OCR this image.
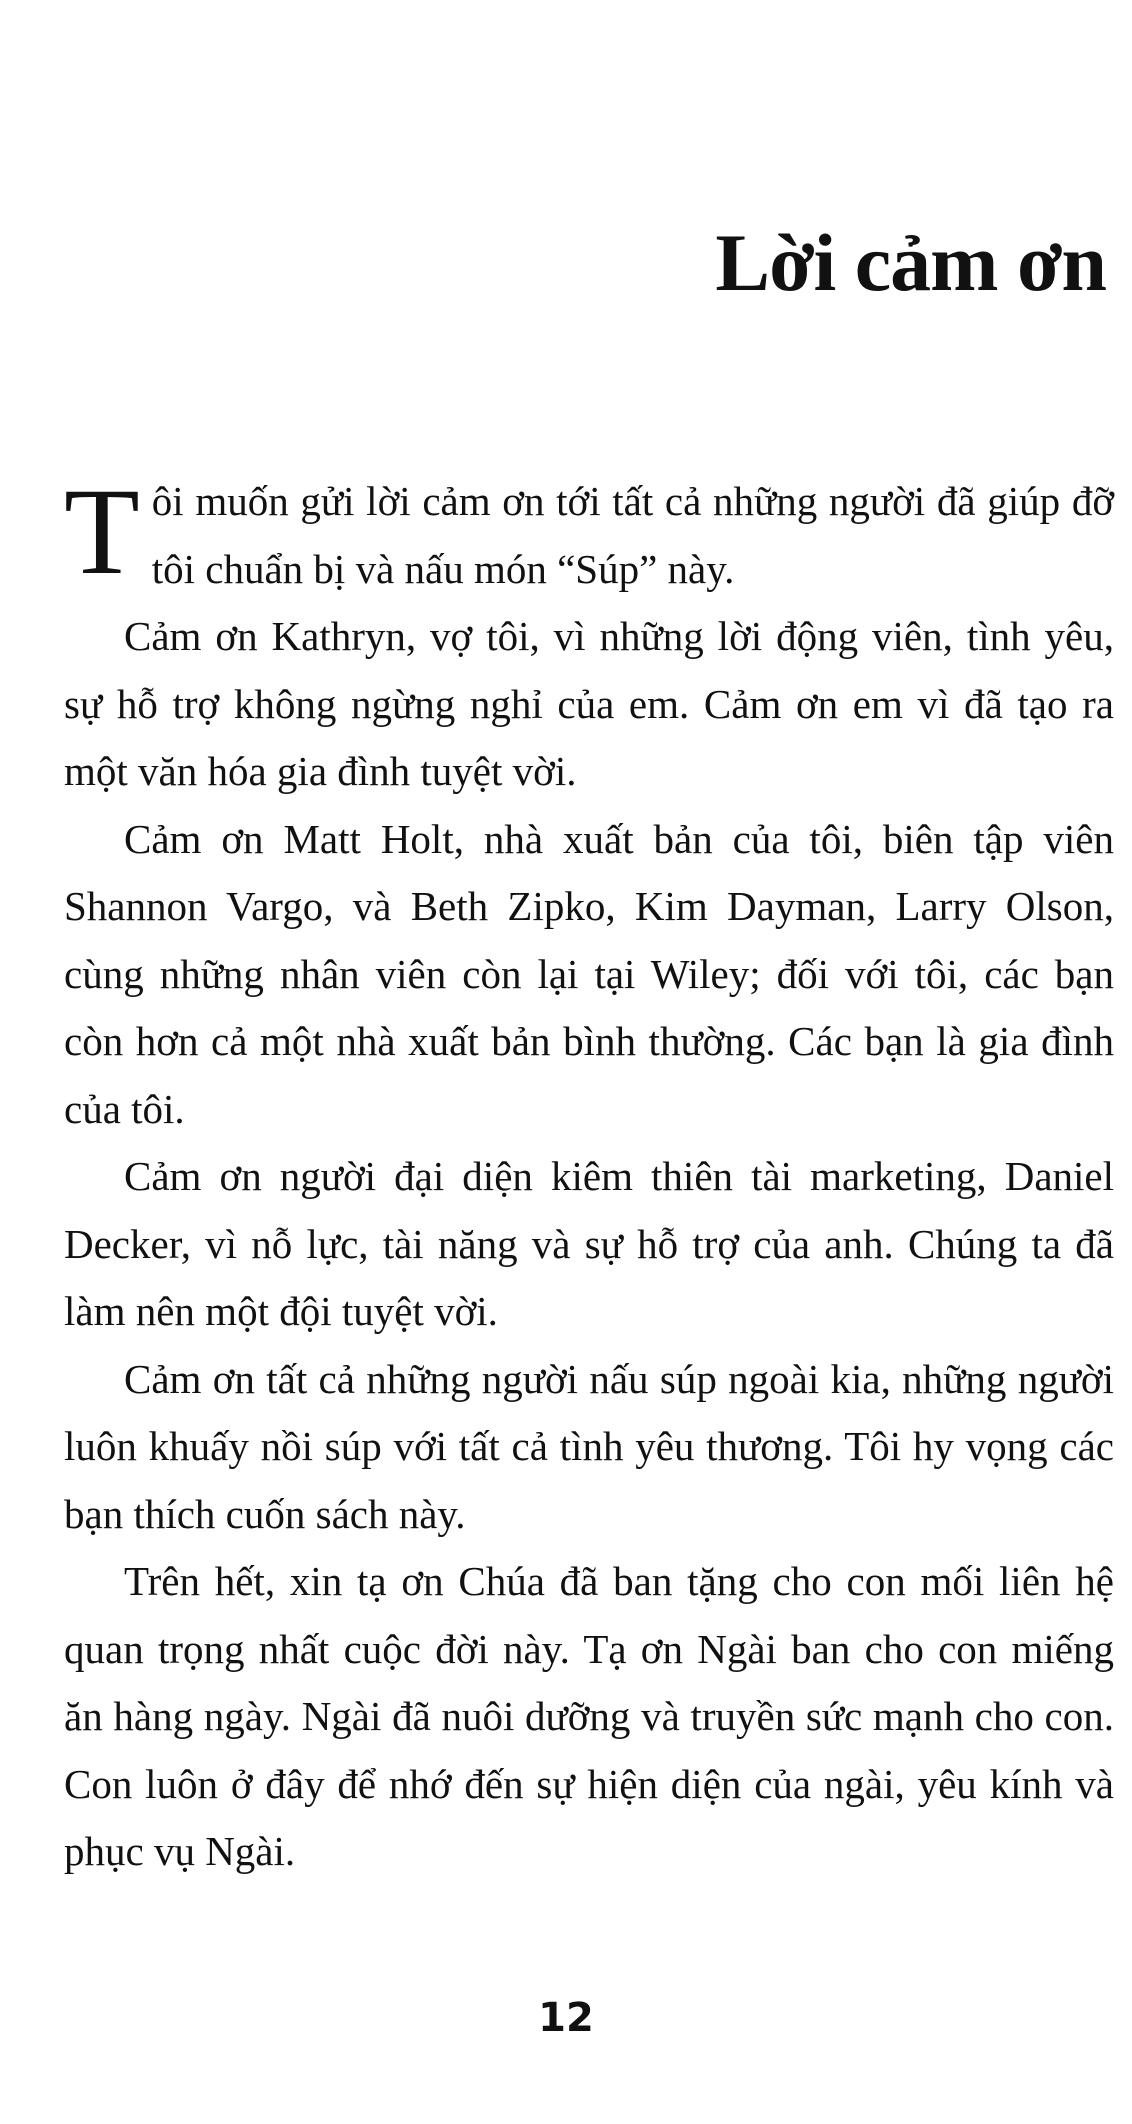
Lời cảm ơn

Tôi muốn gửi lời cảm ơn tới tất cả những người đã giúp đỡ tôi chuẩn bị và nấu món “Súp” này.

Cảm ơn Kathryn, vợ tôi, vì những lời động viên, tình yêu, sự hỗ trợ không ngừng nghỉ của em. Cảm ơn em vì đã tạo ra một văn hóa gia đình tuyệt vời.

Cảm ơn Matt Holt, nhà xuất bản của tôi, biên tập viên Shannon Vargo, và Beth Zipko, Kim Dayman, Larry Olson, cùng những nhân viên còn lại tại Wiley; đối với tôi, các bạn còn hơn cả một nhà xuất bản bình thường. Các bạn là gia đình của tôi.

Cảm ơn người đại diện kiêm thiên tài marketing, Daniel Decker, vì nỗ lực, tài năng và sự hỗ trợ của anh. Chúng ta đã làm nên một đội tuyệt vời.

Cảm ơn tất cả những người nấu súp ngoài kia, những người luôn khuấy nồi súp với tất cả tình yêu thương. Tôi hy vọng các bạn thích cuốn sách này.

Trên hết, xin tạ ơn Chúa đã ban tặng cho con mối liên hệ quan trọng nhất cuộc đời này. Tạ ơn Ngài ban cho con miếng ăn hàng ngày. Ngài đã nuôi dưỡng và truyền sức mạnh cho con. Con luôn ở đây để nhớ đến sự hiện diện của ngài, yêu kính và phục vụ Ngài.

12
